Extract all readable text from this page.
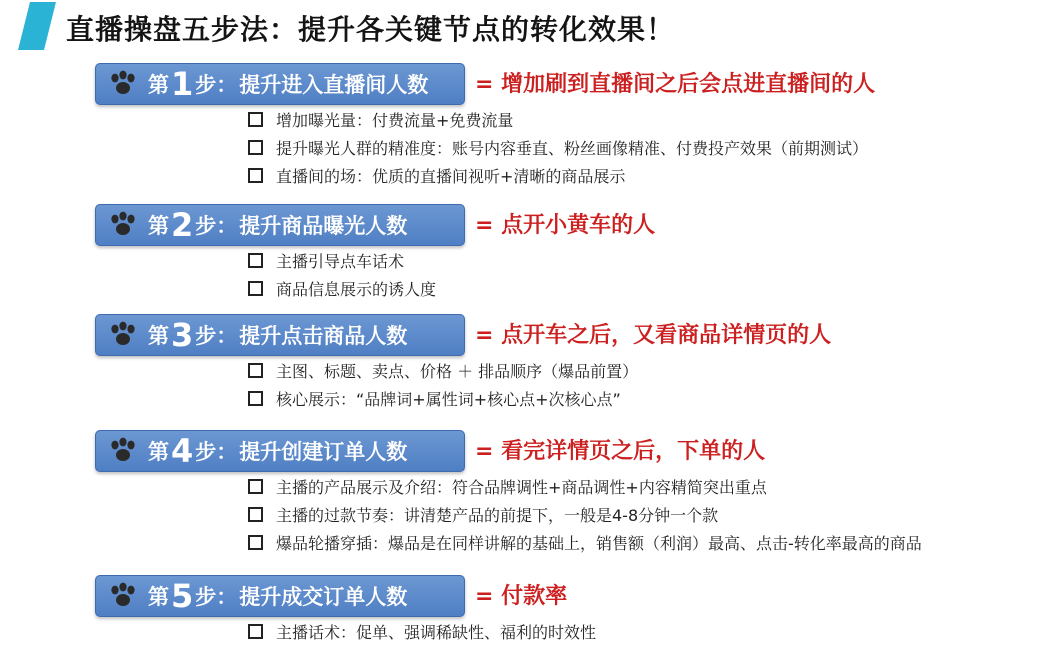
直播操盘五步法：提升各关键节点的转化效果！
第 1 步： 提升进入直播间人数 = 增加刷到直播间之后会点进直播间的人
增加曝光量：付费流量+免费流量
提升曝光人群的精准度：账号内容垂直、粉丝画像精准、付费投产效果（前期测试）
直播间的场：优质的直播间视听+清晰的商品展示
第 2 步： 提升商品曝光人数	= 点开小黄车的人
主播引导点车话术
商品信息展示的诱人度
第 3 步： 提升点击商品人数	= 点开车之后，又看商品详情页的人
主图、标题、卖点、价格 ＋ 排品顺序（爆品前置）
核心展示：“品牌词+属性词+核心点+次核心点”
第 4 步： 提升创建订单人数	= 看完详情页之后，下单的人
主播的产品展示及介绍：符合品牌调性+商品调性+内容精简突出重点
主播的过款节奏：讲清楚产品的前提下，一般是4-8分钟一个款
爆品轮播穿插：爆品是在同样讲解的基础上，销售额（利润）最高、点击-转化率最高的商品
第 5 步： 提升成交订单人数	= 付款率
主播话术：促单、强调稀缺性、福利的时效性
